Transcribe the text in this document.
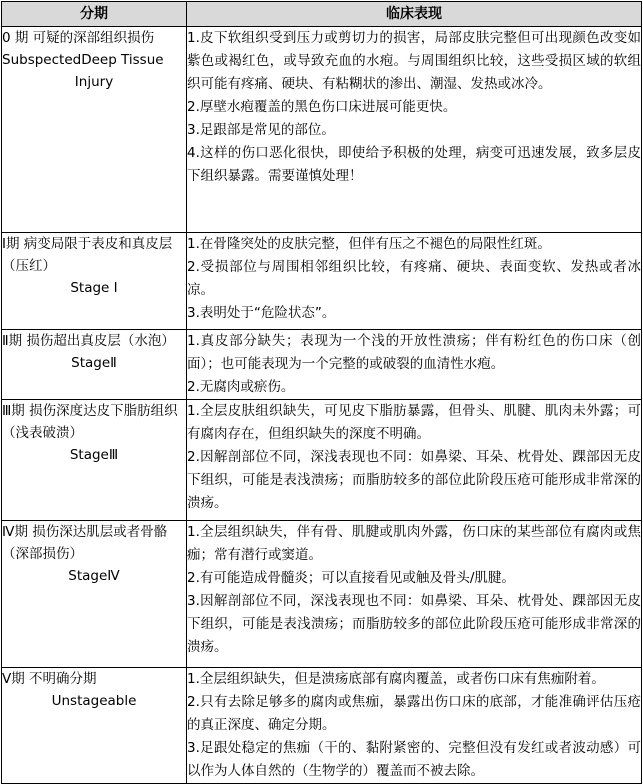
分期	临床表现

0 期 可疑的深部组织损伤
SubspectedDeep Tissue
Injury	1.皮下软组织受到压力或剪切力的损害，局部皮肤完整但可出现颜色改变如紫色或褐红色，或导致充血的水疱。与周围组织比较，这些受损区域的软组织可能有疼痛、硬块、有粘糊状的渗出、潮湿、发热或冰冷。
2.厚壁水疱覆盖的黑色伤口床进展可能更快。
3.足跟部是常见的部位。
4.这样的伤口恶化很快，即使给予积极的处理，病变可迅速发展，致多层皮下组织暴露。需要谨慎处理！

Ⅰ期 病变局限于表皮和真皮层（压红）
Stage Ⅰ	1.在骨隆突处的皮肤完整，但伴有压之不褪色的局限性红斑。
2.受损部位与周围相邻组织比较，有疼痛、硬块、表面变软、发热或者冰凉。
3.表明处于“危险状态”。

Ⅱ期 损伤超出真皮层（水泡）
StageⅡ	1.真皮部分缺失；表现为一个浅的开放性溃疡；伴有粉红色的伤口床（创面）；也可能表现为一个完整的或破裂的血清性水疱。
2.无腐肉或瘀伤。

Ⅲ期 损伤深度达皮下脂肪组织（浅表破溃）
StageⅢ	1.全层皮肤组织缺失，可见皮下脂肪暴露，但骨头、肌腱、肌肉未外露；可有腐肉存在，但组织缺失的深度不明确。
2.因解剖部位不同，深浅表现也不同：如鼻梁、耳朵、枕骨处、踝部因无皮下组织，可能是表浅溃疡；而脂肪较多的部位此阶段压疮可能形成非常深的溃疡。

Ⅳ期 损伤深达肌层或者骨骼（深部损伤）
StageⅣ	1.全层组织缺失，伴有骨、肌腱或肌肉外露，伤口床的某些部位有腐肉或焦痂；常有潜行或窦道。
2.有可能造成骨髓炎；可以直接看见或触及骨头/肌腱。
3.因解剖部位不同，深浅表现也不同：如鼻梁、耳朵、枕骨处、踝部因无皮下组织，可能是表浅溃疡；而脂肪较多的部位此阶段压疮可能形成非常深的溃疡。

Ⅴ期 不明确分期
Unstageable	1.全层组织缺失，但是溃疡底部有腐肉覆盖，或者伤口床有焦痂附着。
2.只有去除足够多的腐肉或焦痂，暴露出伤口床的底部，才能准确评估压疮的真正深度、确定分期。
3.足跟处稳定的焦痂（干的、黏附紧密的、完整但没有发红或者波动感）可以作为人体自然的（生物学的）覆盖而不被去除。
